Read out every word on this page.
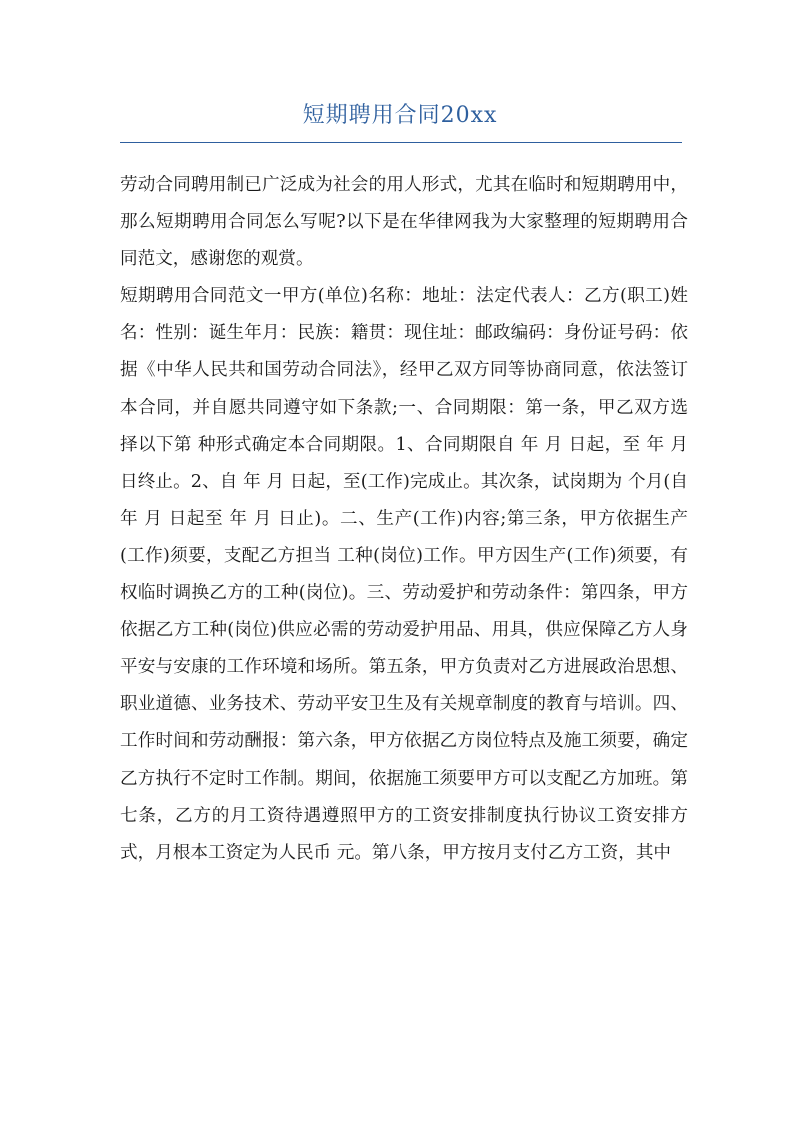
短期聘用合同20xx

劳动合同聘用制已广泛成为社会的用人形式，尤其在临时和短期聘用中，那么短期聘用合同怎么写呢?以下是在华律网我为大家整理的短期聘用合同范文，感谢您的观赏。

短期聘用合同范文一甲方(单位)名称：地址：法定代表人：乙方(职工)姓名：性别：诞生年月：民族：籍贯：现住址：邮政编码：身份证号码：依据《中华人民共和国劳动合同法》，经甲乙双方同等协商同意，依法签订本合同，并自愿共同遵守如下条款;一、合同期限：第一条，甲乙双方选择以下第 种形式确定本合同期限。1、合同期限自 年 月 日起，至 年 月 日终止。2、自 年 月 日起，至(工作)完成止。其次条，试岗期为 个月(自 年 月 日起至 年 月 日止)。二、生产(工作)内容;第三条，甲方依据生产(工作)须要，支配乙方担当 工种(岗位)工作。甲方因生产(工作)须要，有权临时调换乙方的工种(岗位)。三、劳动爱护和劳动条件：第四条，甲方依据乙方工种(岗位)供应必需的劳动爱护用品、用具，供应保障乙方人身平安与安康的工作环境和场所。第五条，甲方负责对乙方进展政治思想、职业道德、业务技术、劳动平安卫生及有关规章制度的教育与培训。四、工作时间和劳动酬报：第六条，甲方依据乙方岗位特点及施工须要，确定乙方执行不定时工作制。期间，依据施工须要甲方可以支配乙方加班。第七条，乙方的月工资待遇遵照甲方的工资安排制度执行协议工资安排方式，月根本工资定为人民币 元。第八条，甲方按月支付乙方工资，其中
